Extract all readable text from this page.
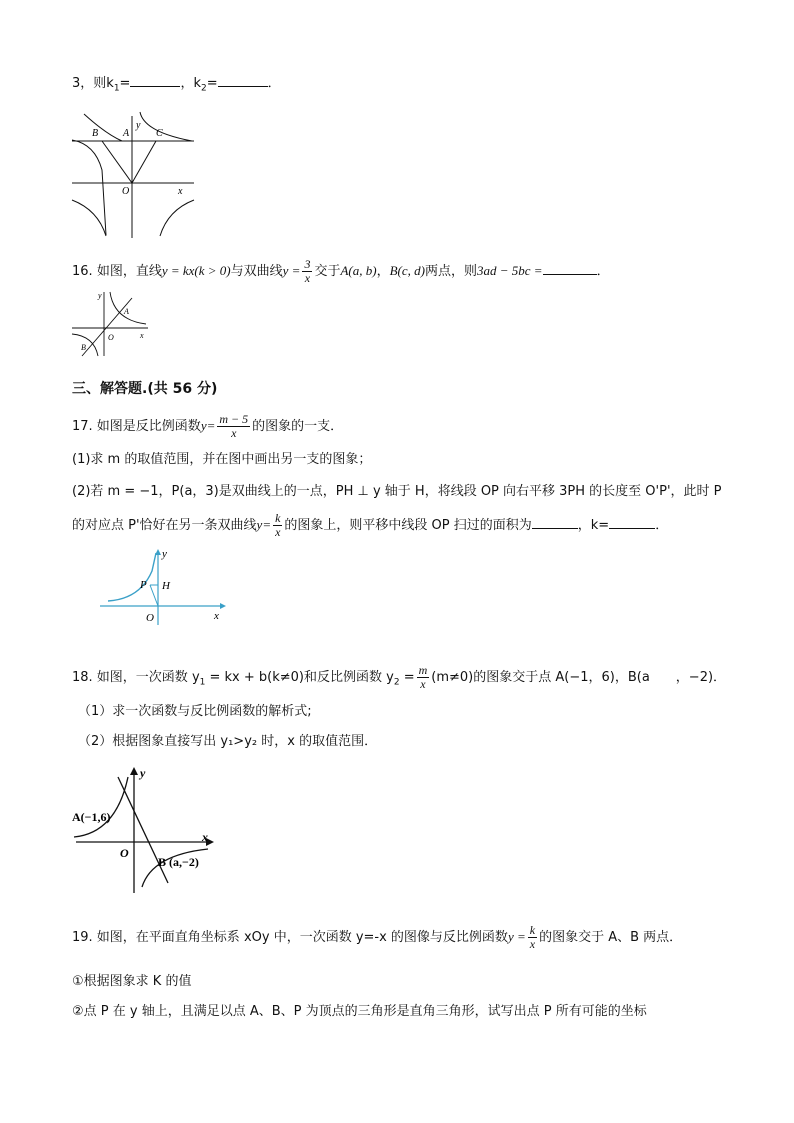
3，则$k_1=$	，$k_2=$	．
B A
y
C
O	x
16. 如图，直线y = kx(k > 0)与双曲线$y = \frac{3}{x}$ 交于A(a, b)，B(c, d)两点，则3ad − 5bc =	．
y
A
O
B
x
三、解答题.(共 56 分)
17. 如图是反比例函数$y= \frac{m - 5}{x}$ 的图象的一支．
(1)求 m 的取值范围，并在图中画出另一支的图象；
(2)若 m = −1，P(a，3)是双曲线上的一点，PH ⊥ y 轴于 H，将线段 OP 向右平移 3PH 的长度至 O'P'，此时 P
的对应点 P'恰好在另一条双曲线$y= \frac{k}{x}$ 的图象上，则平移中线段 OP 扫过的面积为	，k=	．
y
P H
O	x
18. 如图，一次函数 $y_1$ = kx + b(k≠0)和反比例函数 $y_2 = \frac{m}{x} (m\ne 0)$的图象交于点 A(−1，6)，B(a　　，−2)．
（1）求一次函数与反比例函数的解析式;
（2）根据图象直接写出 y₁>y₂ 时，x 的取值范围．
y
A(−1,6)
x
O
B (a,−2)
19. 如图，在平面直角坐标系 xOy 中，一次函数 y=-x 的图像与反比例函数$y = \frac{k}{x}$ 的图象交于 A、B 两点．
①根据图象求 K 的值
②点 P 在 y 轴上，且满足以点 A、B、P 为顶点的三角形是直角三角形，试写出点 P 所有可能的坐标
